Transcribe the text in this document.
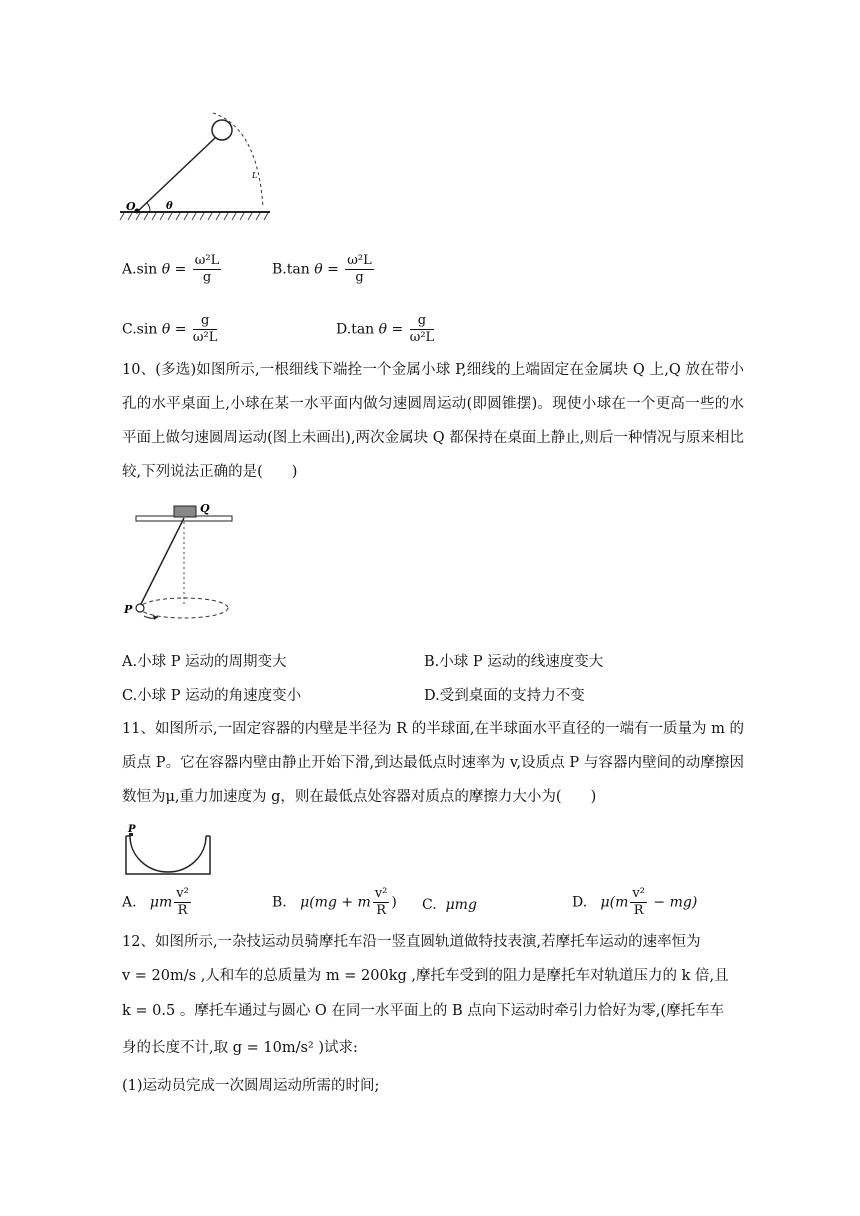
O	θ
L
A.sin $\theta = \frac{\text{ω²L}}{g}$	B.tan $\theta = \frac{\text{ω²L}}{g}$
C.sin $\theta = \frac{g}{\text{ω²L}}$	D.tan $\theta = \frac{g}{\text{ω²L}}$
10、(多选)如图所示,一根细线下端拴一个金属小球 P,细线的上端固定在金属块 Q 上,Q 放在带小孔的水平桌面上,小球在某一水平面内做匀速圆周运动(即圆锥摆)。现使小球在一个更高一些的水平面上做匀速圆周运动(图上未画出),两次金属块 Q 都保持在桌面上静止,则后一种情况与原来相比较,下列说法正确的是(　　)
Q
P
A.小球 P 运动的周期变大	B.小球 P 运动的线速度变大
C.小球 P 运动的角速度变小	D.受到桌面的支持力不变
11、如图所示,一固定容器的内壁是半径为 R 的半球面,在半球面水平直径的一端有一质量为 m 的质点 P。它在容器内壁由静止开始下滑,到达最低点时速率为 v,设质点 P 与容器内壁间的动摩擦因数恒为μ,重力加速度为 g，则在最低点处容器对质点的摩擦力大小为(　　)
P
A. μm $\frac{\text{v²}}{R}$	B. μ(mg + m $\frac{\text{v²}}{R}$ ) C. μmg	D. $\mu(m \frac{\text{v²}}{R} - mg)$
12、如图所示,一杂技运动员骑摩托车沿一竖直圆轨道做特技表演,若摩托车运动的速率恒为
v = 20m/s ,人和车的总质量为 m = 200kg ,摩托车受到的阻力是摩托车对轨道压力的 k 倍,且
k = 0.5 。摩托车通过与圆心 O 在同一水平面上的 B 点向下运动时牵引力恰好为零,(摩托车车
身的长度不计,取 g = 10m/s² )试求:
(1)运动员完成一次圆周运动所需的时间;
